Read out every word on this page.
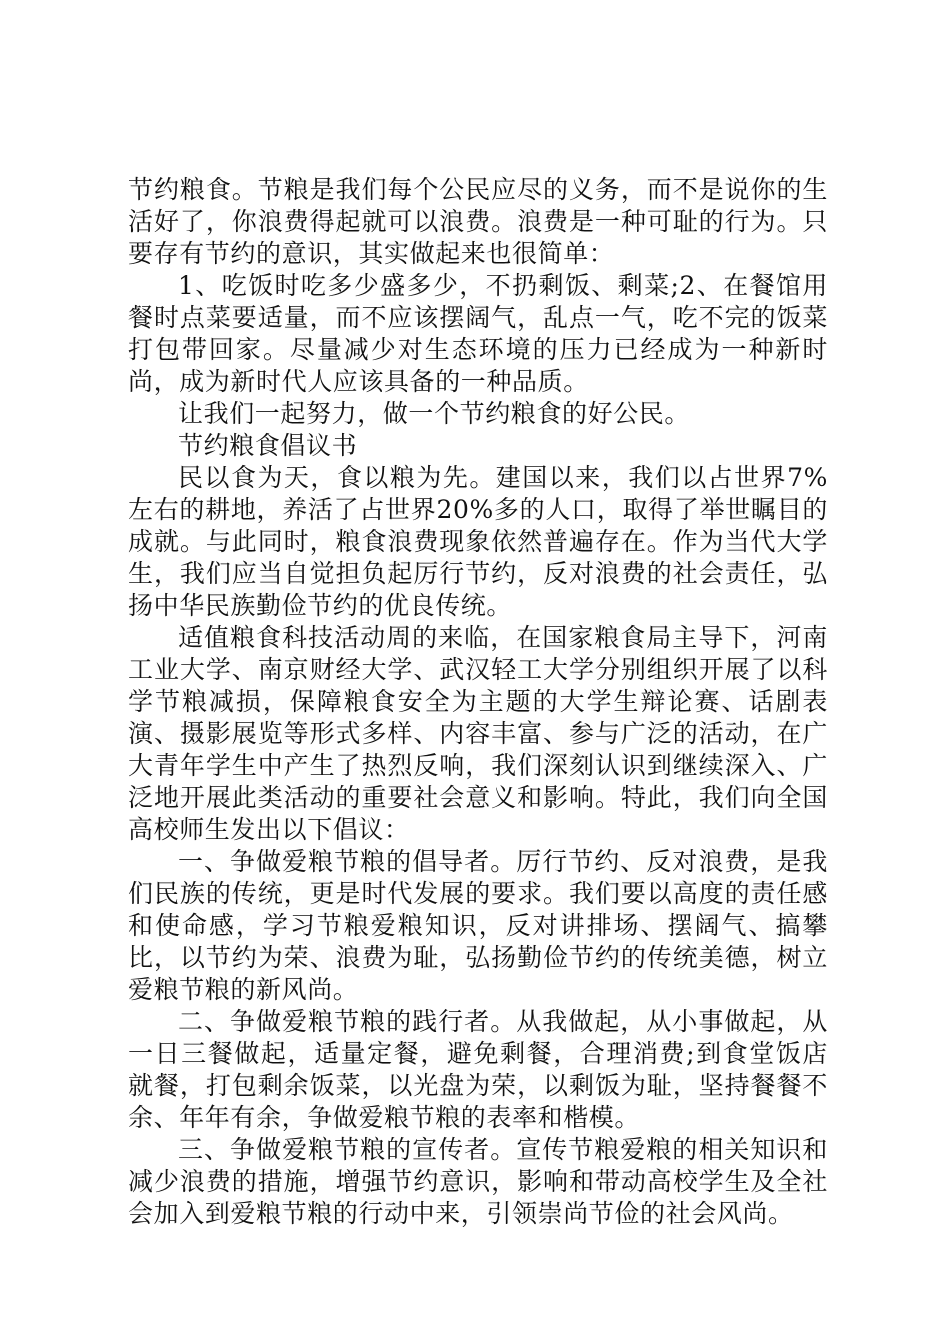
节约粮食。节粮是我们每个公民应尽的义务，而不是说你的生活好了，你浪费得起就可以浪费。浪费是一种可耻的行为。只要存有节约的意识，其实做起来也很简单：

1、吃饭时吃多少盛多少，不扔剩饭、剩菜;2、在餐馆用餐时点菜要适量，而不应该摆阔气，乱点一气，吃不完的饭菜打包带回家。尽量减少对生态环境的压力已经成为一种新时尚，成为新时代人应该具备的一种品质。

让我们一起努力，做一个节约粮食的好公民。

节约粮食倡议书

民以食为天，食以粮为先。建国以来，我们以占世界7%左右的耕地，养活了占世界20%多的人口，取得了举世瞩目的成就。与此同时，粮食浪费现象依然普遍存在。作为当代大学生，我们应当自觉担负起厉行节约，反对浪费的社会责任，弘扬中华民族勤俭节约的优良传统。

适值粮食科技活动周的来临，在国家粮食局主导下，河南工业大学、南京财经大学、武汉轻工大学分别组织开展了以科学节粮减损，保障粮食安全为主题的大学生辩论赛、话剧表演、摄影展览等形式多样、内容丰富、参与广泛的活动，在广大青年学生中产生了热烈反响，我们深刻认识到继续深入、广泛地开展此类活动的重要社会意义和影响。特此，我们向全国高校师生发出以下倡议：

一、争做爱粮节粮的倡导者。厉行节约、反对浪费，是我们民族的传统，更是时代发展的要求。我们要以高度的责任感和使命感，学习节粮爱粮知识，反对讲排场、摆阔气、搞攀比，以节约为荣、浪费为耻，弘扬勤俭节约的传统美德，树立爱粮节粮的新风尚。

二、争做爱粮节粮的践行者。从我做起，从小事做起，从一日三餐做起，适量定餐，避免剩餐，合理消费;到食堂饭店就餐，打包剩余饭菜，以光盘为荣，以剩饭为耻，坚持餐餐不余、年年有余，争做爱粮节粮的表率和楷模。

三、争做爱粮节粮的宣传者。宣传节粮爱粮的相关知识和减少浪费的措施，增强节约意识，影响和带动高校学生及全社会加入到爱粮节粮的行动中来，引领崇尚节俭的社会风尚。
